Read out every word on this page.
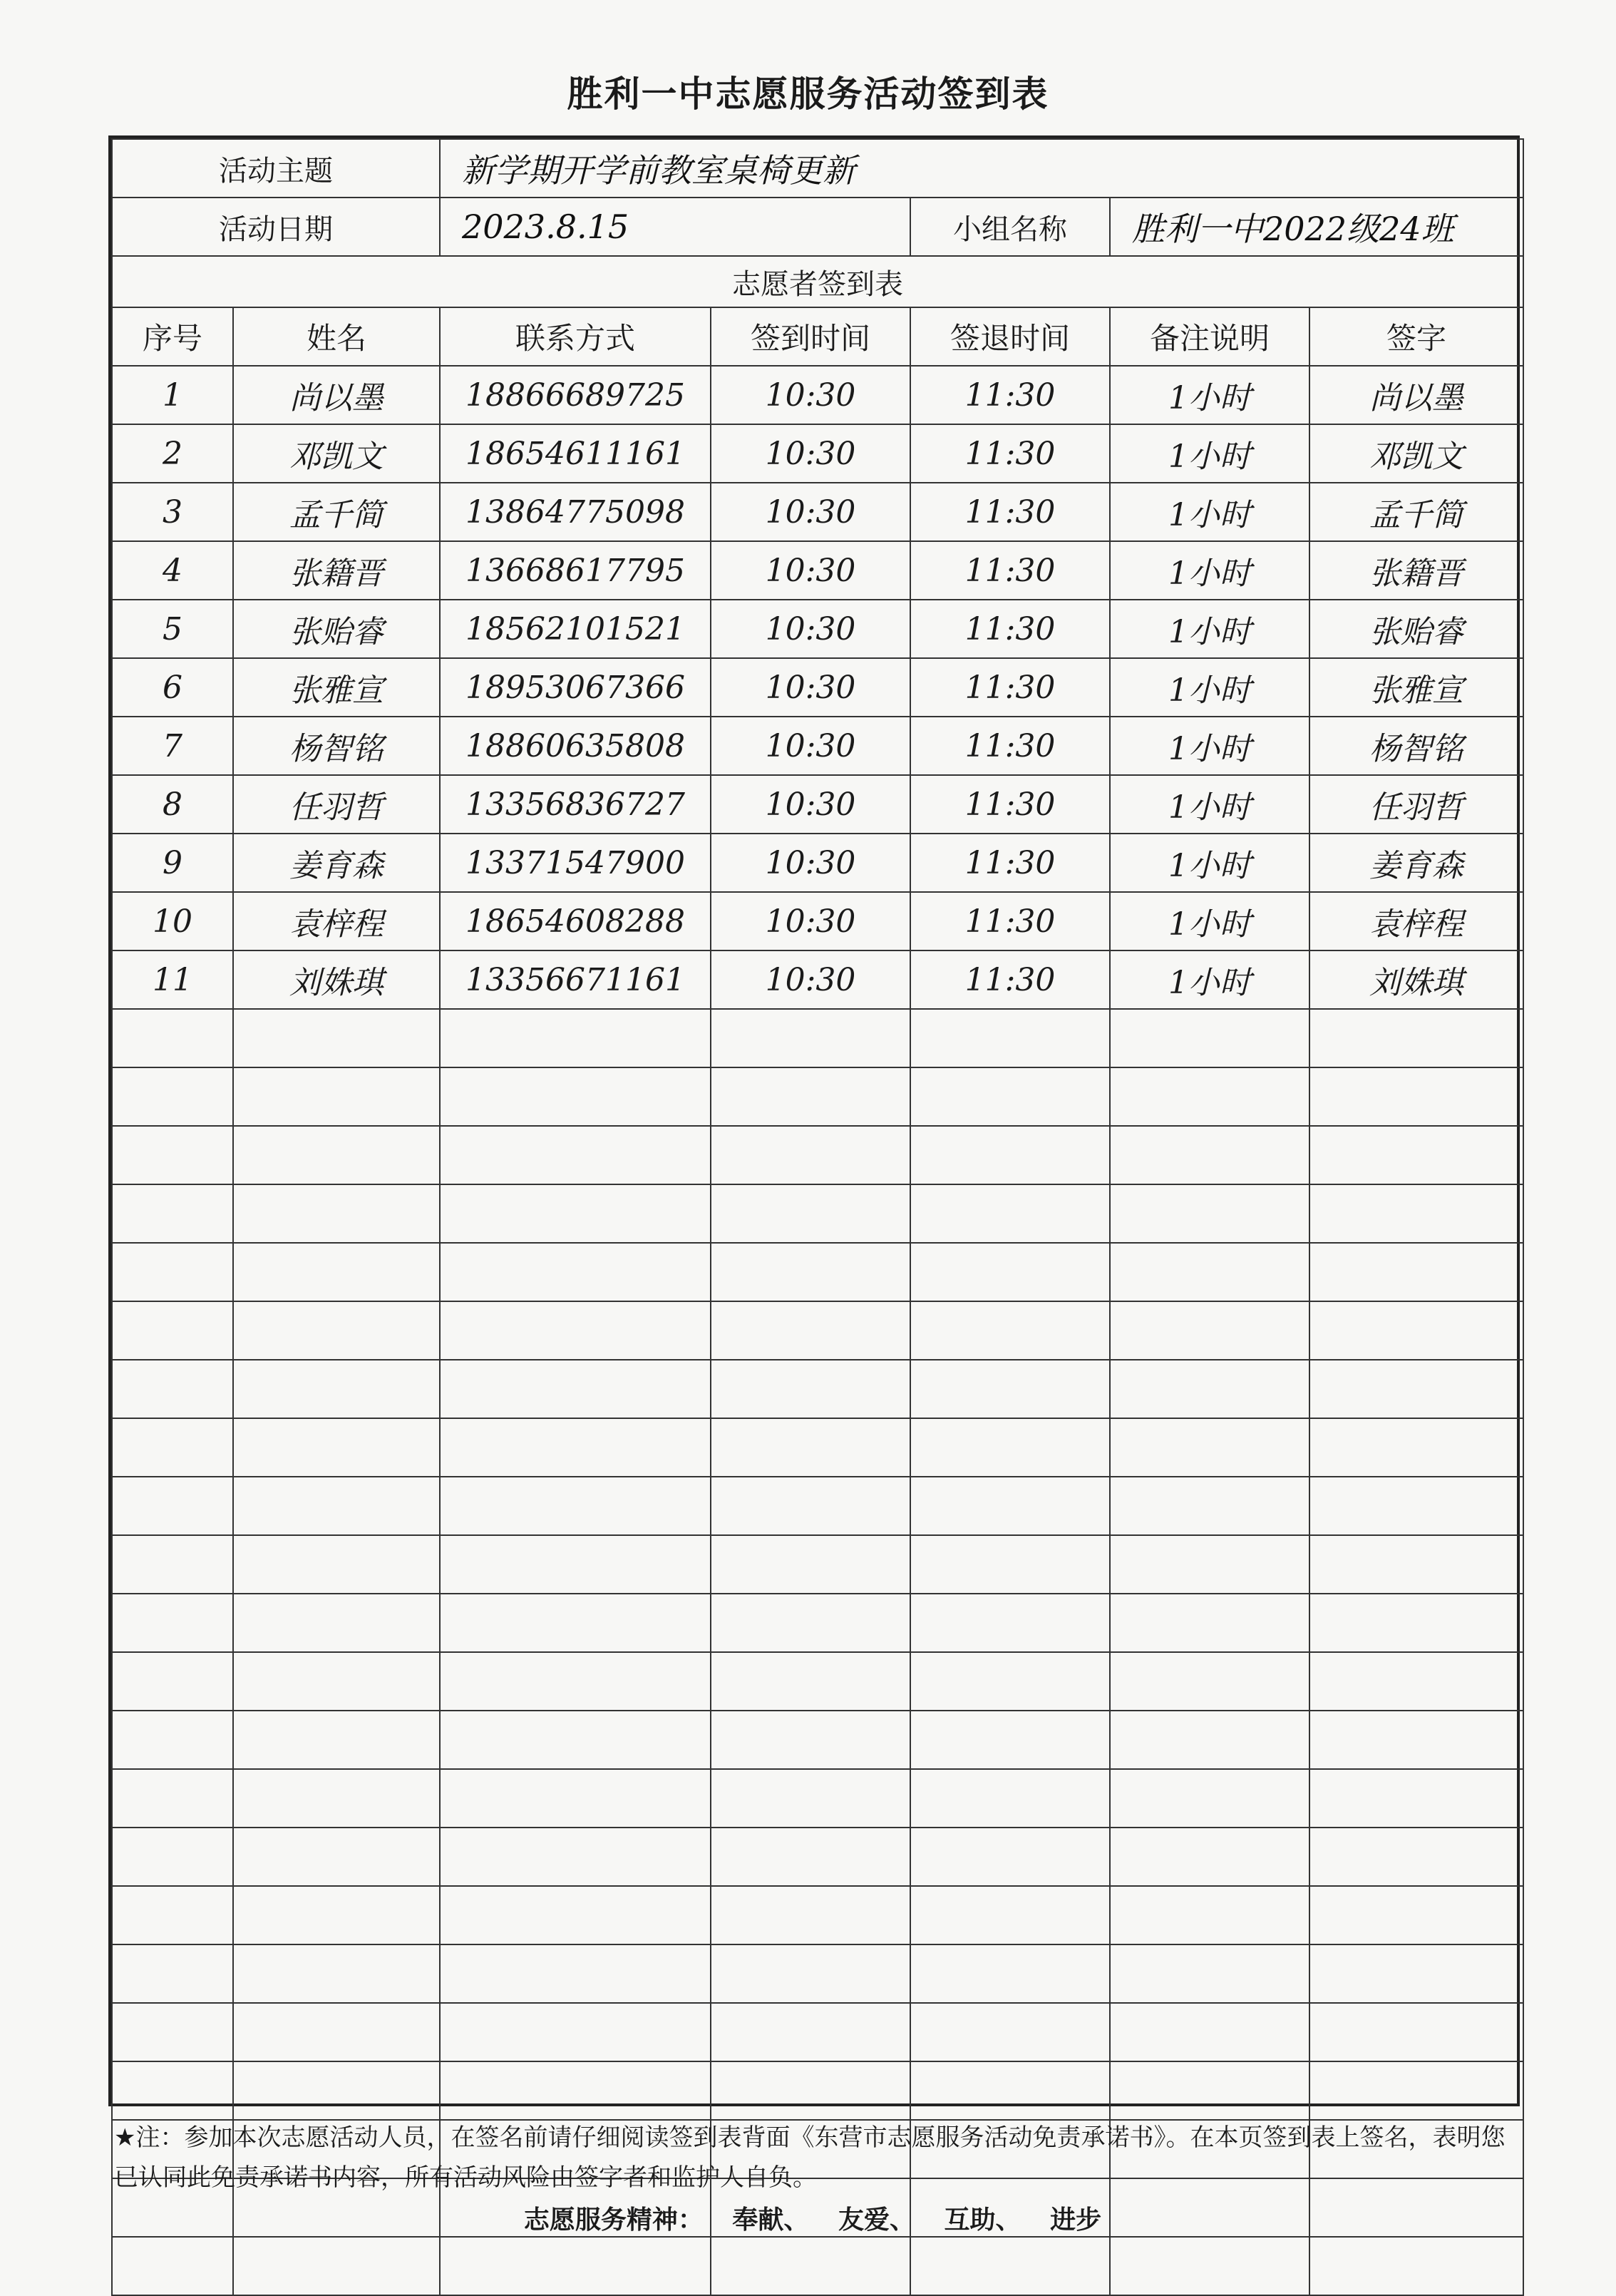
胜利一中志愿服务活动签到表
活动主题		新学期开学前教室桌椅更新				
活动日期		2023.8.15		小组名称	胜利一中2022级24班	
志愿者签到表						
序号	姓名	联系方式	签到时间	签退时间	备注说明	签字
1	尚以墨	18866689725	10:30	11:30	1小时	尚以墨
2	邓凯文	18654611161	10:30	11:30	1小时	邓凯文
3	孟千简	13864775098	10:30	11:30	1小时	孟千简
4	张籍晋	13668617795	10:30	11:30	1小时	张籍晋
5	张贻睿	18562101521	10:30	11:30	1小时	张贻睿
6	张雅宣	18953067366	10:30	11:30	1小时	张雅宣
7	杨智铭	18860635808	10:30	11:30	1小时	杨智铭
8	任羽哲	13356836727	10:30	11:30	1小时	任羽哲
9	姜育森	13371547900	10:30	11:30	1小时	姜育森
10	袁梓程	18654608288	10:30	11:30	1小时	袁梓程
11	刘姝琪	13356671161	10:30	11:30	1小时	刘姝琪

★注：参加本次志愿活动人员，在签名前请仔细阅读签到表背面《东营市志愿服务活动免责承诺书》。在本页签到表上签名，表明您已认同此免责承诺书内容，所有活动风险由签字者和监护人自负。
志愿服务精神： 奉献、 友爱、 互助、 进步
